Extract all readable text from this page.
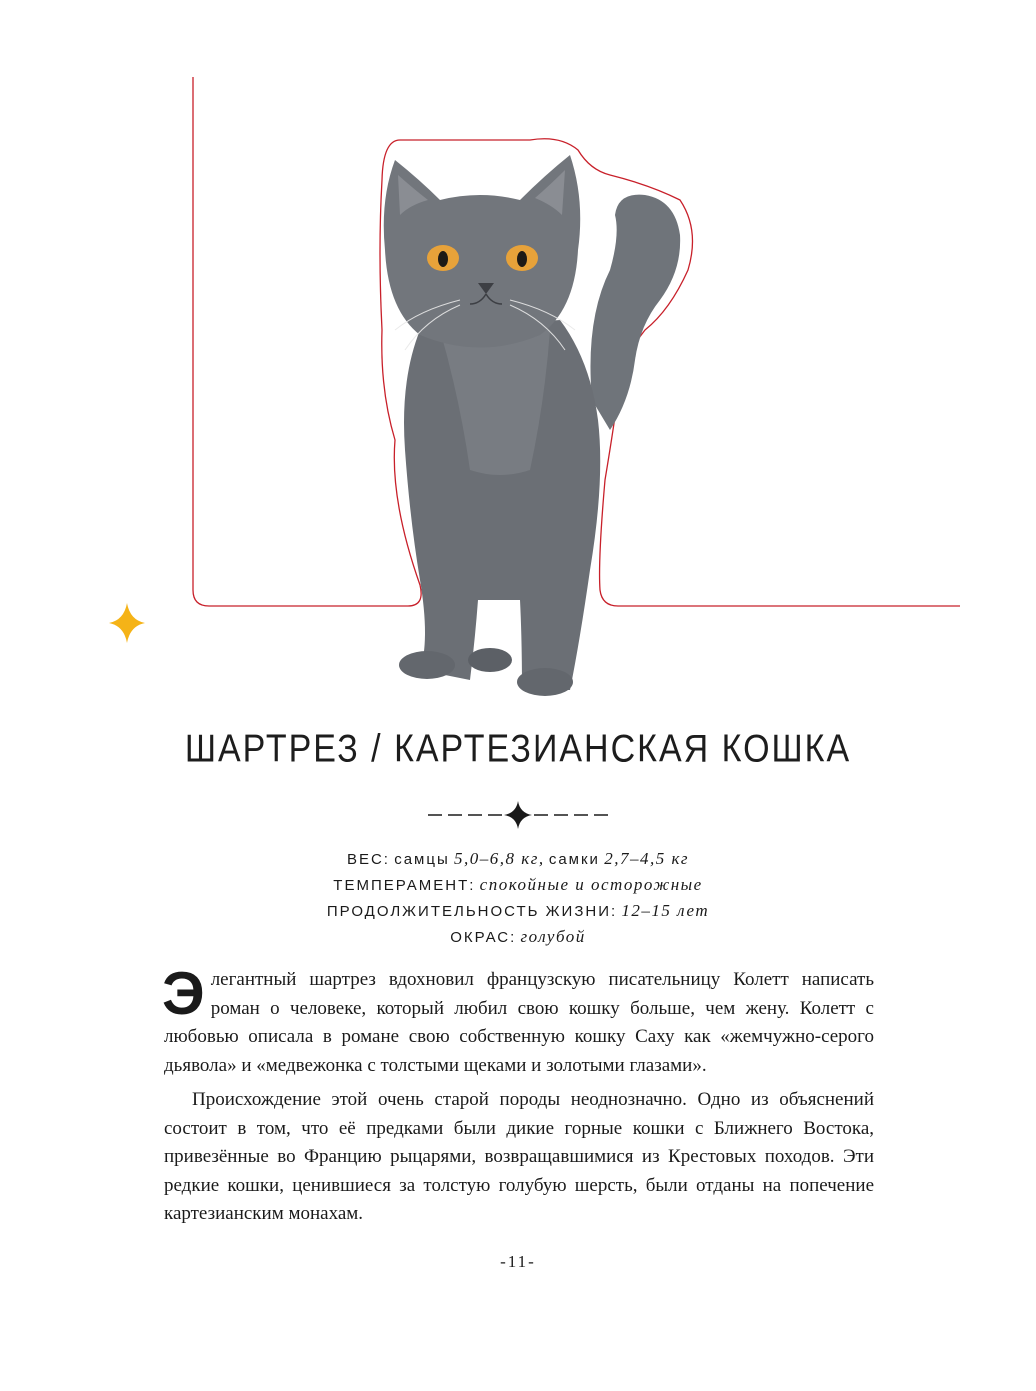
ШАРТРЕЗ / КАРТЕЗИАНСКАЯ КОШКА
ВЕС: самцы 5,0–6,8 кг, самки 2,7–4,5 кг
ТЕМПЕРАМЕНТ: спокойные и осторожные
ПРОДОЛЖИТЕЛЬНОСТЬ ЖИЗНИ: 12–15 лет
ОКРАС: голубой

Элегантный шартрез вдохновил французскую писательницу Колетт написать роман о человеке, который любил свою кошку больше, чем жену. Колетт с любовью описала в романе свою собственную кошку Саху как «жемчужно-серого дьявола» и «медвежонка с толстыми щеками и золотыми глазами».

Происхождение этой очень старой породы неоднозначно. Одно из объяснений состоит в том, что её предками были дикие горные кошки с Ближнего Востока, привезённые во Францию рыцарями, возвращавшимися из Крестовых походов. Эти редкие кошки, ценившиеся за толстую голубую шерсть, были отданы на попечение картезианским монахам.

-11-
